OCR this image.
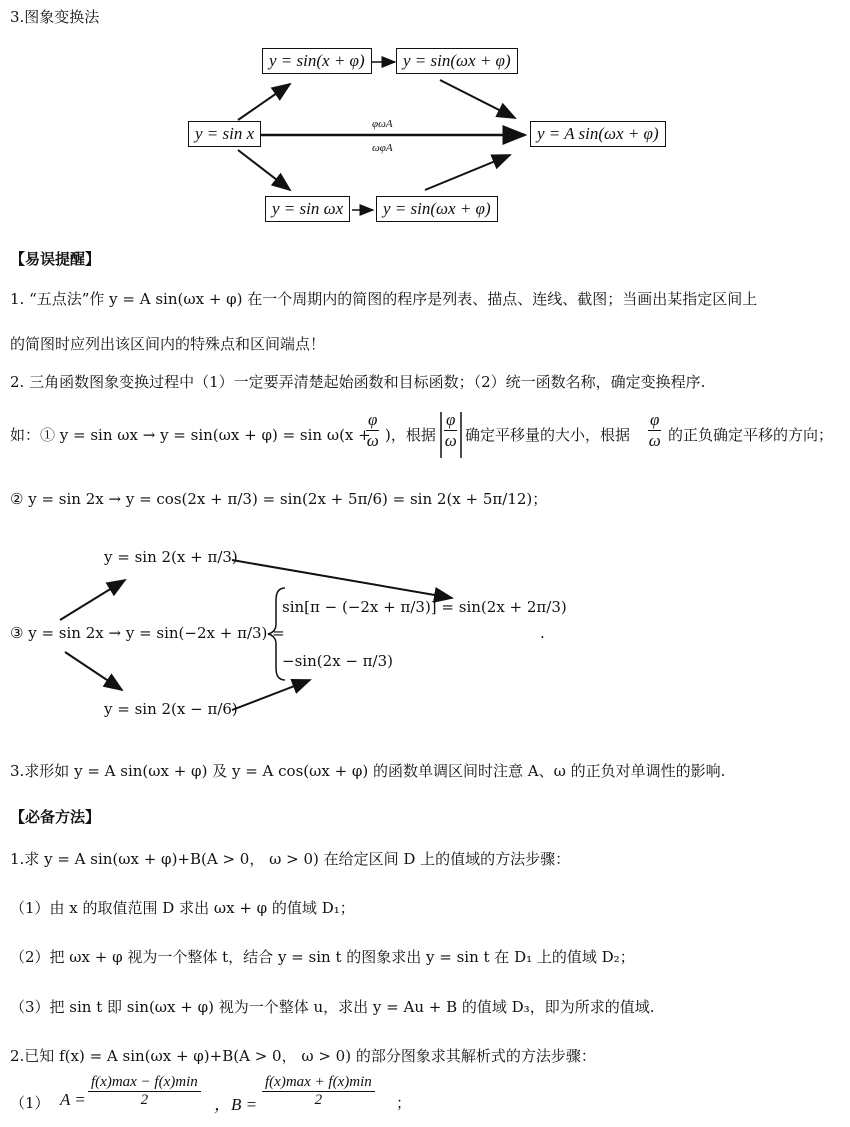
3.图象变换法
y = sin(x + φ)	y = sin(ωx + φ)
y = sin x	y = A sin(ωx + φ)
y = sin ωx	y = sin(ωx + φ)
φωA
ωφA
【易误提醒】
1. “五点法”作 y = A sin(ωx + φ) 在一个周期内的简图的程序是列表、描点、连线、截图；当画出某指定区间上
的简图时应列出该区间内的特殊点和区间端点！
2. 三角函数图象变换过程中（1）一定要弄清楚起始函数和目标函数；（2）统一函数名称，确定变换程序.
如：① y = sin ωx → y = sin(ωx + φ) = sin ω(x +
$\frac{\varphi}{\omega}$ )，根据 $\frac{\varphi}{\omega}$ 确定平移量的大小，根据 $\frac{\varphi}{\omega}$ 的正负确定平移的方向；
② y = sin 2x → y = cos(2x + π/3) = sin(2x + 5π/6) = sin 2(x + 5π/12)；
y = sin 2(x + π/3)
③ y = sin 2x → y = sin(−2x + π/3) =
sin[π − (−2x + π/3)] = sin(2x + 2π/3)
−sin(2x − π/3)
y = sin 2(x − π/6)
.
3.求形如 y = A sin(ωx + φ) 及 y = A cos(ωx + φ) 的函数单调区间时注意 A、ω 的正负对单调性的影响.
【必备方法】
1.求 y = A sin(ωx + φ)+B(A > 0， ω > 0) 在给定区间 D 上的值域的方法步骤：
（1）由 x 的取值范围 D 求出 ωx + φ 的值域 D₁；
（2）把 ωx + φ 视为一个整体 t，结合 y = sin t 的图象求出 y = sin t 在 D₁ 上的值域 D₂；
（3）把 sin t 即 sin(ωx + φ) 视为一个整体 u，求出 y = Au + B 的值域 D₃，即为所求的值域.
2.已知 f(x) = A sin(ωx + φ)+B(A > 0， ω > 0) 的部分图象求其解析式的方法步骤：
（1） A =
f(x)max − f(x)min
2	，B =
f(x)max + f(x)min
2	；
